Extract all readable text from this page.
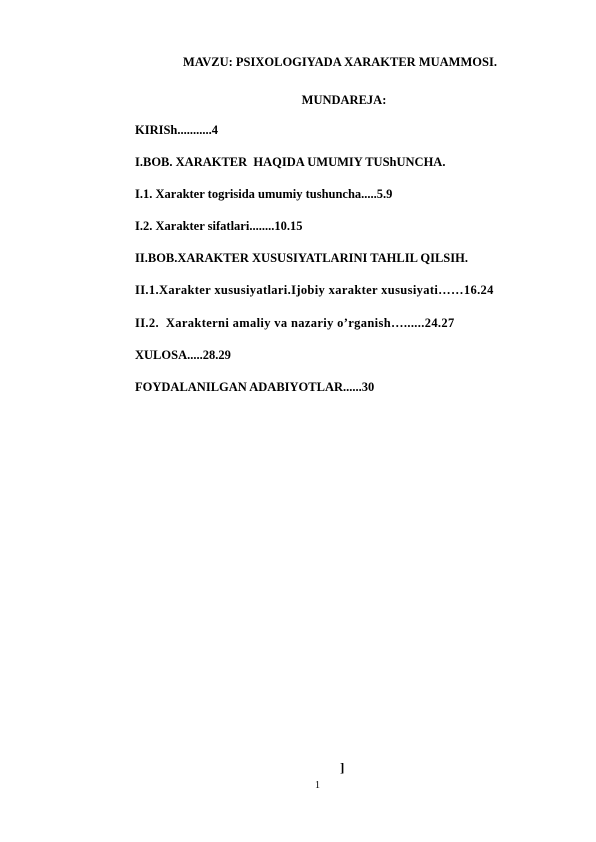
MAVZU: PSIXOLOGIYADA XARAKTER MUAMMOSI.
MUNDAREJA:
KIRISh...........4
I.BOB. XARAKTER  HAQIDA UMUMIY TUShUNCHA.
I.1. Xarakter togrisida umumiy tushuncha.....5.9
I.2. Xarakter sifatlari........10.15
II.BOB.XARAKTER XUSUSIYATLARINI TAHLIL QILSIH.
II.1.Xarakter xususiyatlari.Ijobiy xarakter xususiyati……16.24
II.2.  Xarakterni amaliy va nazariy o’rganish…......24.27
XULOSA.....28.29
FOYDALANILGAN ADABIYOTLAR......30
]
1
